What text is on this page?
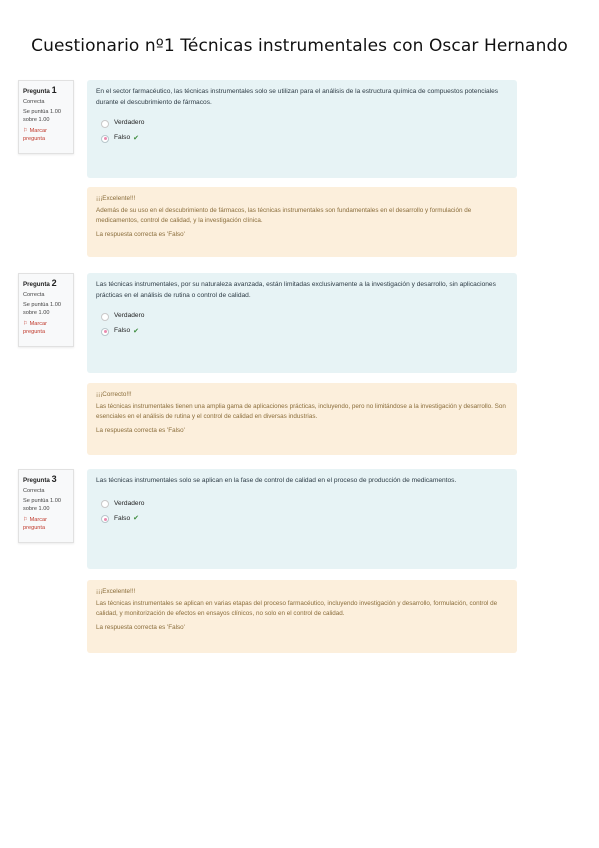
Cuestionario nº1 Técnicas instrumentales con Oscar Hernando
Pregunta 1
Correcta
Se puntúa 1.00 sobre 1.00
⚐ Marcar pregunta
En el sector farmacéutico, las técnicas instrumentales solo se utilizan para el análisis de la estructura química de compuestos potenciales durante el descubrimiento de fármacos.
Verdadero
Falso ✔
¡¡¡Excelente!!!
Además de su uso en el descubrimiento de fármacos, las técnicas instrumentales son fundamentales en el desarrollo y formulación de medicamentos, control de calidad, y la investigación clínica.
La respuesta correcta es 'Falso'
Pregunta 2
Correcta
Se puntúa 1.00 sobre 1.00
⚐ Marcar pregunta
Las técnicas instrumentales, por su naturaleza avanzada, están limitadas exclusivamente a la investigación y desarrollo, sin aplicaciones prácticas en el análisis de rutina o control de calidad.
Verdadero
Falso ✔
¡¡¡Correcto!!!
Las técnicas instrumentales tienen una amplia gama de aplicaciones prácticas, incluyendo, pero no limitándose a la investigación y desarrollo. Son esenciales en el análisis de rutina y el control de calidad en diversas industrias.
La respuesta correcta es 'Falso'
Pregunta 3
Correcta
Se puntúa 1.00 sobre 1.00
⚐ Marcar pregunta
Las técnicas instrumentales solo se aplican en la fase de control de calidad en el proceso de producción de medicamentos.
Verdadero
Falso ✔
¡¡¡Excelente!!!
Las técnicas instrumentales se aplican en varias etapas del proceso farmacéutico, incluyendo investigación y desarrollo, formulación, control de calidad, y monitorización de efectos en ensayos clínicos, no solo en el control de calidad.
La respuesta correcta es 'Falso'
